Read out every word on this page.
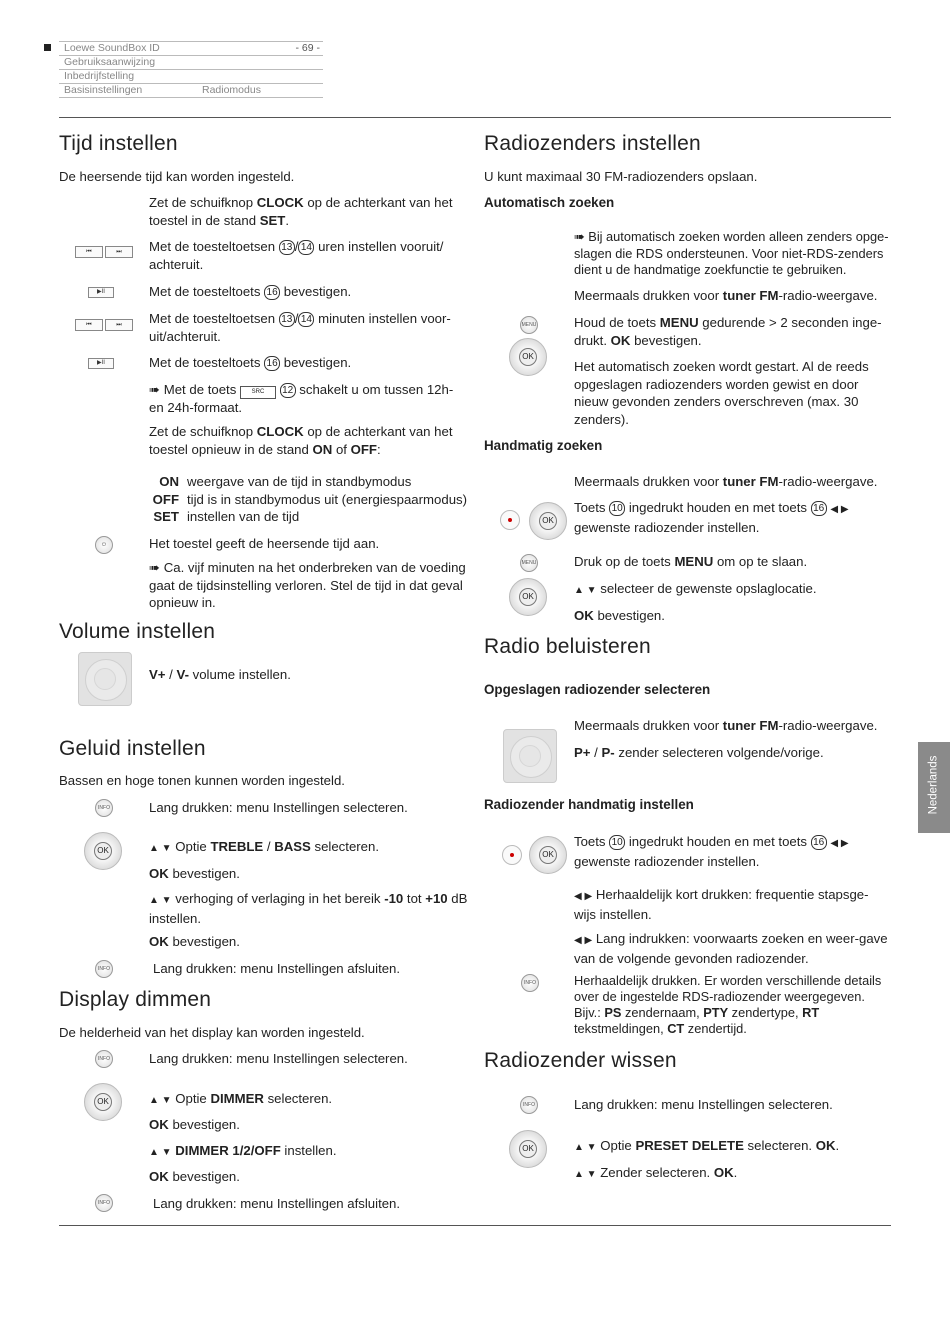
Loewe SoundBox ID	- 69 -
Gebruiksaanwijzing
Inbedrijfstelling
Basisinstellingen	Radiomodus
Nederlands
Tijd instellen
De heersende tijd kan worden ingesteld.
Zet de schuifknop CLOCK op de achterkant van het toestel in de stand SET.
⏮	⏭	Met de toesteltoetsen 13 / 14 uren instellen vooruit/ achteruit.
▶II	Met de toesteltoets 16 bevestigen.
⏮	⏭	Met de toesteltoetsen 13 / 14 minuten instellen voor-uit/achteruit.
▶II	Met de toesteltoets 16 bevestigen.
➠ Met de toets SRC 12 schakelt u om tussen 12h- en 24h-formaat.
Zet de schuifknop CLOCK op de achterkant van het toestel opnieuw in de stand ON of OFF:
ON weergave van de tijd in standbymodus
OFF tijd is in standbymodus uit (energiespaarmodus)
SET instellen van de tijd
⏻	Het toestel geeft de heersende tijd aan.
➠ Ca. vijf minuten na het onderbreken van de voeding gaat de tijdsinstelling verloren. Stel de tijd in dat geval opnieuw in.
Volume instellen
V+ / V- volume instellen.
Geluid instellen
Bassen en hoge tonen kunnen worden ingesteld.
INFO	Lang drukken: menu Instellingen selecteren.
OK	▲ ▼ Optie TREBLE / BASS selecteren.
OK bevestigen.
▲ ▼ verhoging of verlaging in het bereik -10 tot +10 dB instellen.
OK bevestigen.
INFO	Lang drukken: menu Instellingen afsluiten.
Display dimmen
De helderheid van het display kan worden ingesteld.
INFO	Lang drukken: menu Instellingen selecteren.
OK	▲ ▼ Optie DIMMER selecteren.
OK bevestigen.
▲ ▼ DIMMER 1/2/OFF instellen.
OK bevestigen.
INFO	Lang drukken: menu Instellingen afsluiten.
Radiozenders instellen
U kunt maximaal 30 FM-radiozenders opslaan.
Automatisch zoeken
➠ Bij automatisch zoeken worden alleen zenders opge-slagen die RDS ondersteunen. Voor niet-RDS-zenders dient u de handmatige zoekfunctie te gebruiken.
Meermaals drukken voor tuner FM-radio-weergave.
MENU
OK
Houd de toets MENU gedurende > 2 seconden inge-drukt. OK bevestigen.
Het automatisch zoeken wordt gestart. Al de reeds opgeslagen radiozenders worden gewist en door nieuw gevonden zenders overschreven (max. 30 zenders).
Handmatig zoeken
Meermaals drukken voor tuner FM-radio-weergave.
OK
Toets 10 ingedrukt houden en met toets 16 ◀ ▶
gewenste radiozender instellen.
MENU
OK
Druk op de toets MENU om op te slaan.
▲ ▼ selecteer de gewenste opslaglocatie.
OK bevestigen.
Radio beluisteren
Opgeslagen radiozender selecteren
Meermaals drukken voor tuner FM-radio-weergave.
P+ / P- zender selecteren volgende/vorige.
Radiozender handmatig instellen
OK
Toets 10 ingedrukt houden en met toets 16 ◀ ▶
gewenste radiozender instellen.
◀ ▶ Herhaaldelijk kort drukken: frequentie stapsge-wijs instellen.
◀ ▶ Lang indrukken: voorwaarts zoeken en weer-gave van de volgende gevonden radiozender.
INFO	Herhaaldelijk drukken. Er worden verschillende details over de ingestelde RDS-radiozender weergegeven. Bijv.: PS zendernaam, PTY zendertype, RT tekstmeldingen, CT zendertijd.
Radiozender wissen
INFO	Lang drukken: menu Instellingen selecteren.
OK	▲ ▼ Optie PRESET DELETE selecteren. OK.
▲ ▼ Zender selecteren. OK.
